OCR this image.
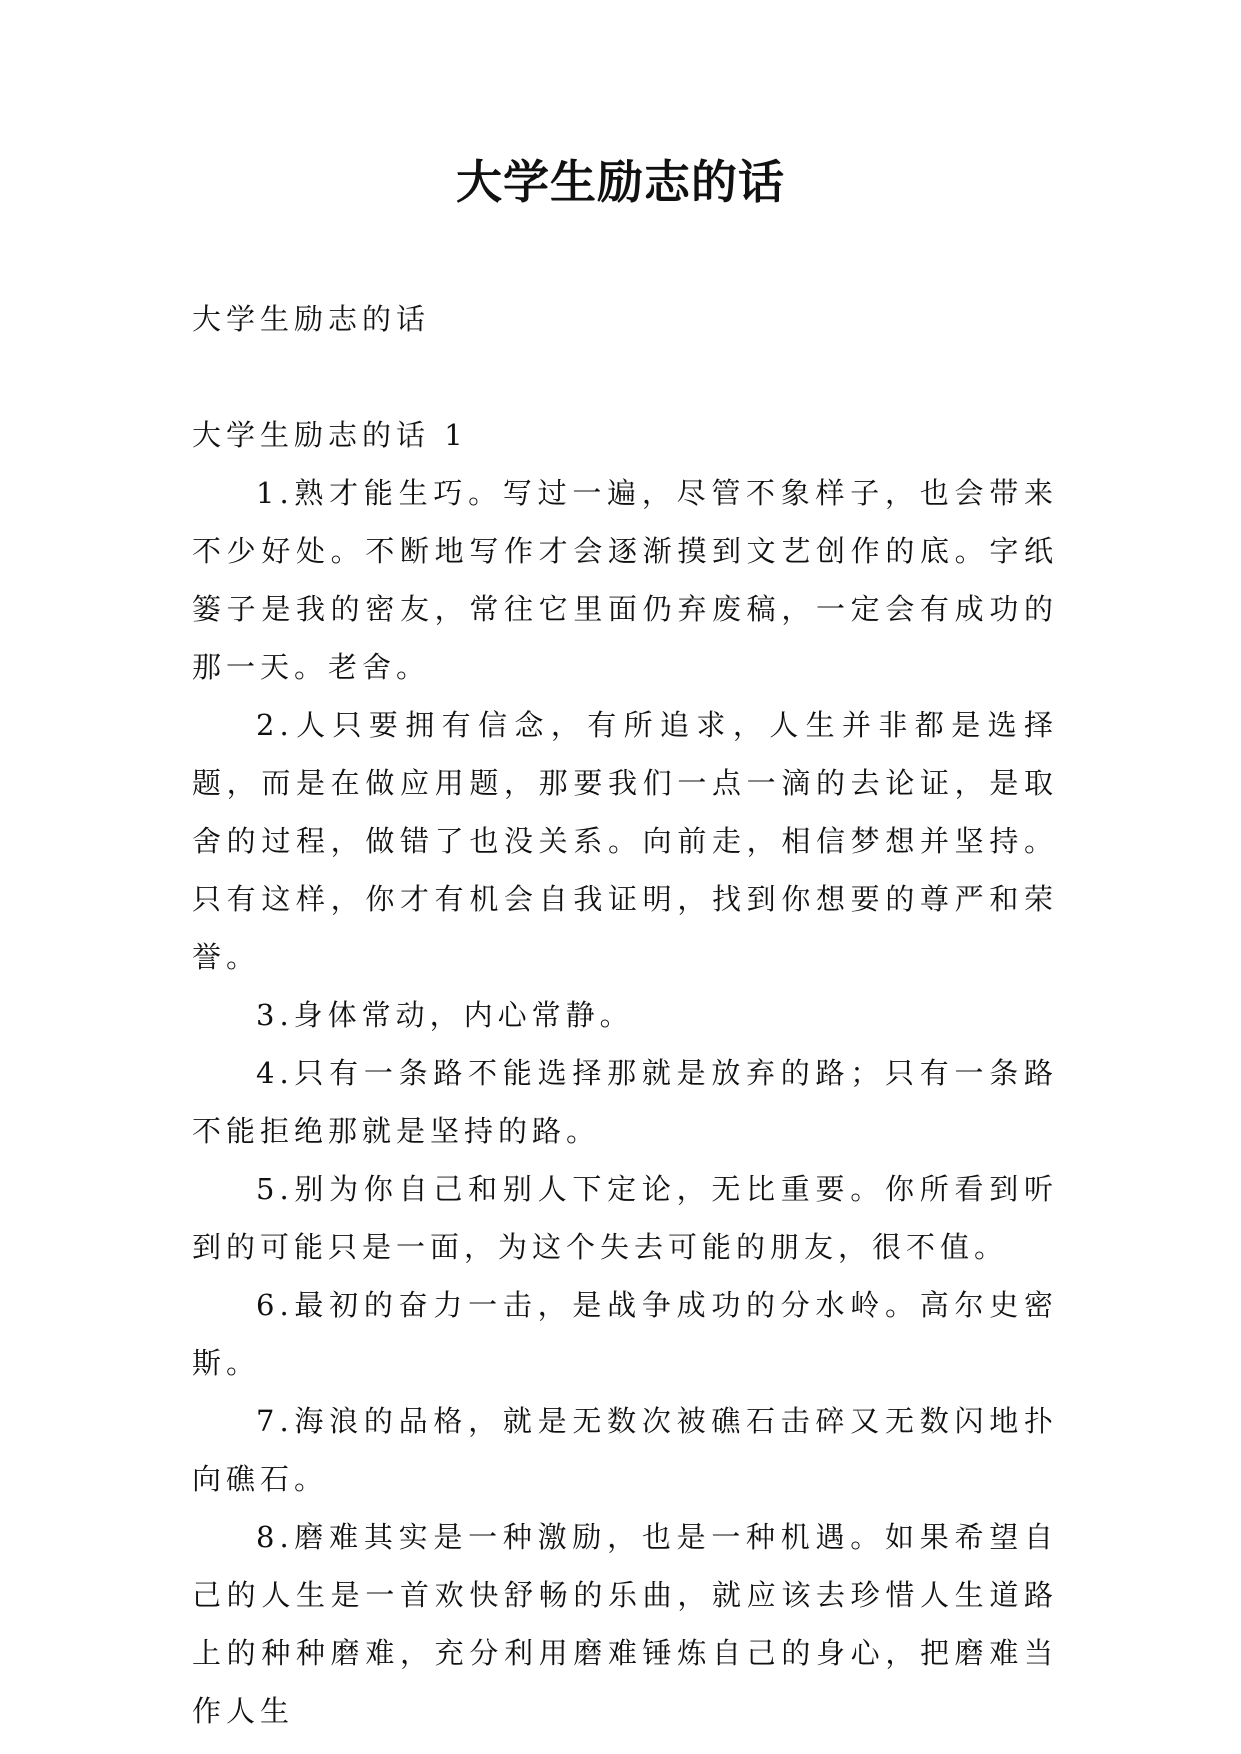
大学生励志的话

大学生励志的话

大学生励志的话 1

1.熟才能生巧。写过一遍，尽管不象样子，也会带来不少好处。不断地写作才会逐渐摸到文艺创作的底。字纸篓子是我的密友，常往它里面仍弃废稿，一定会有成功的那一天。老舍。

2.人只要拥有信念，有所追求，人生并非都是选择题，而是在做应用题，那要我们一点一滴的去论证，是取舍的过程，做错了也没关系。向前走，相信梦想并坚持。只有这样，你才有机会自我证明，找到你想要的尊严和荣誉。

3.身体常动，内心常静。

4.只有一条路不能选择那就是放弃的路；只有一条路不能拒绝那就是坚持的路。

5.别为你自己和别人下定论，无比重要。你所看到听到的可能只是一面，为这个失去可能的朋友，很不值。

6.最初的奋力一击，是战争成功的分水岭。高尔史密斯。

7.海浪的品格，就是无数次被礁石击碎又无数闪地扑向礁石。

8.磨难其实是一种激励，也是一种机遇。如果希望自己的人生是一首欢快舒畅的乐曲，就应该去珍惜人生道路上的种种磨难，充分利用磨难锤炼自己的身心，把磨难当作人生
